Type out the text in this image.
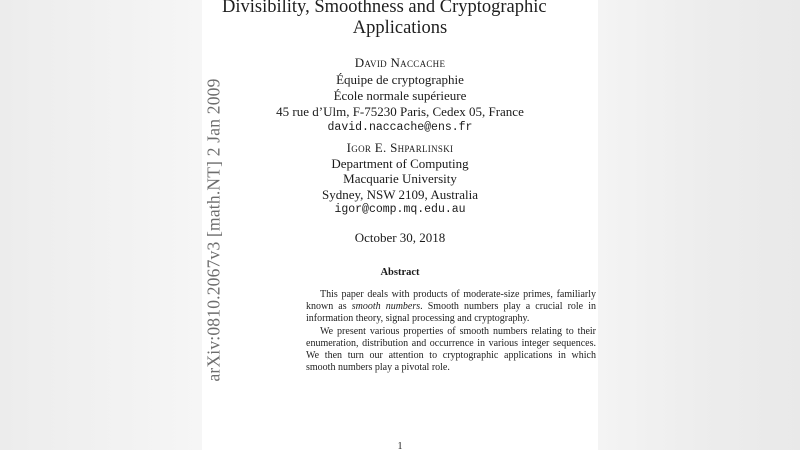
Divisibility, Smoothness and Cryptographic
Applications
David Naccache
Équipe de cryptographie
École normale supérieure
45 rue d’Ulm, F-75230 Paris, Cedex 05, France
david.naccache@ens.fr
Igor E. Shparlinski
Department of Computing
Macquarie University
Sydney, NSW 2109, Australia
igor@comp.mq.edu.au
October 30, 2018
Abstract

This paper deals with products of moderate-size primes, familiarly known as smooth numbers. Smooth numbers play a crucial role in information theory, signal processing and cryptography.

We present various properties of smooth numbers relating to their enumeration, distribution and occurrence in various integer sequences. We then turn our attention to cryptographic applications in which smooth numbers play a pivotal role.

1
arXiv:0810.2067v3 [math.NT] 2 Jan 2009
